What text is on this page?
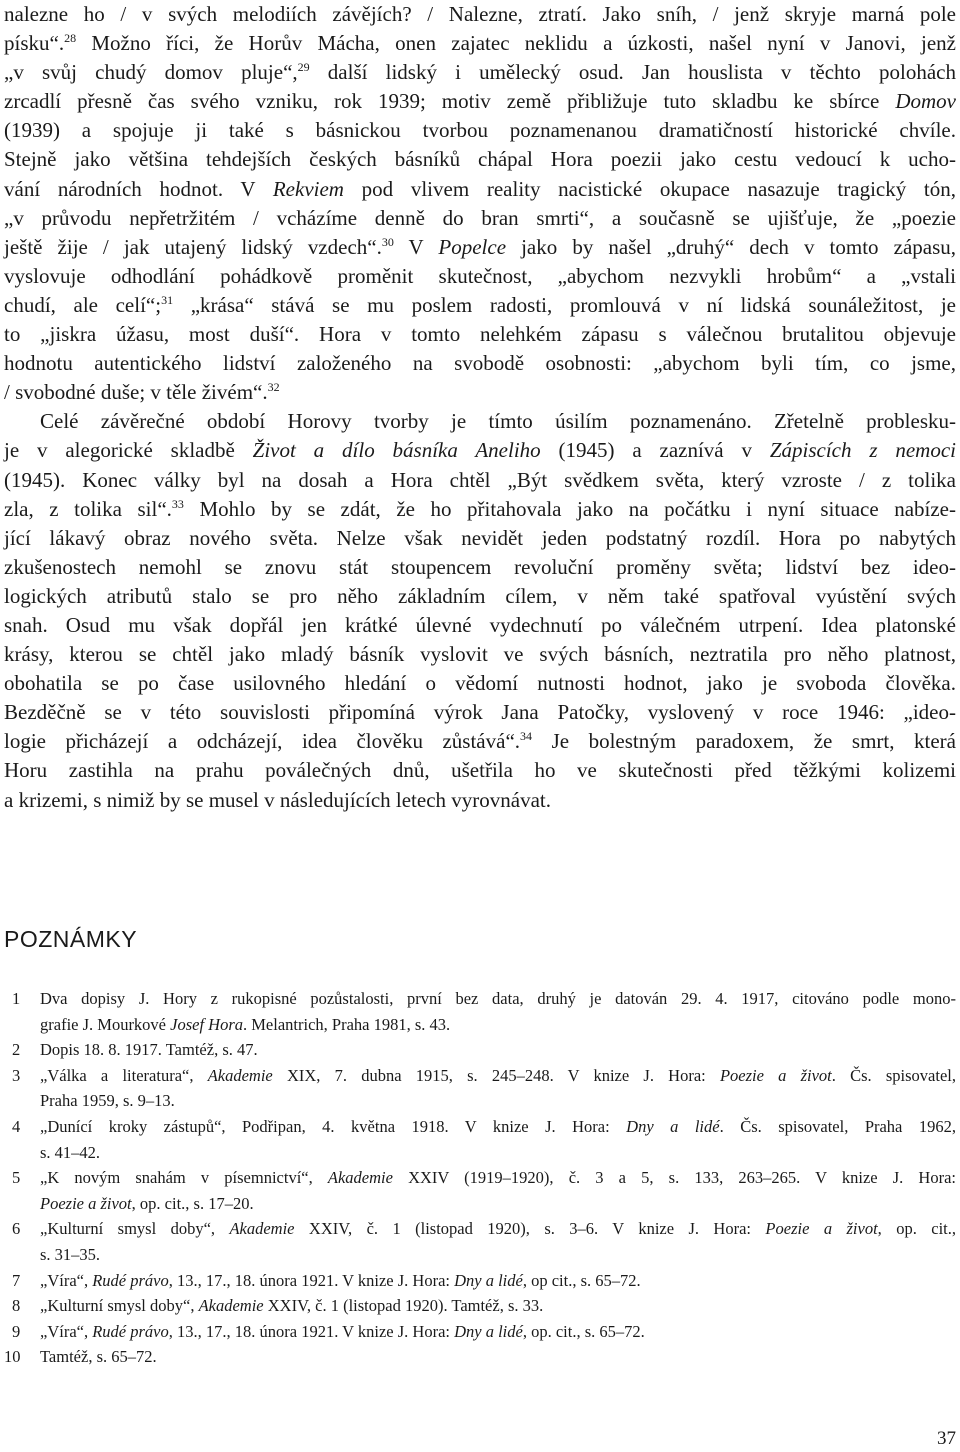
nalezne ho / v svých melodiích závějích? / Nalezne, ztratí. Jako sníh, / jenž skryje marná pole
písku“.$^{28}$ Možno říci, že Horův Mácha, onen zajatec neklidu a úzkosti, našel nyní v Janovi, jenž
„v svůj chudý domov pluje“,$^{29}$ další lidský i umělecký osud. Jan houslista v těchto polohách
zrcadlí přesně čas svého vzniku, rok 1939; motiv země přibližuje tuto skladbu ke sbírce Domov
(1939) a spojuje ji také s básnickou tvorbou poznamenanou dramatičností historické chvíle.
Stejně jako většina tehdejších českých básníků chápal Hora poezii jako cestu vedoucí k ucho-
vání národních hodnot. V Rekviem pod vlivem reality nacistické okupace nasazuje tragický tón,
„v průvodu nepřetržitém / vcházíme denně do bran smrti“, a současně se ujišťuje, že „poezie
ještě žije / jak utajený lidský vzdech“.$^{30}$ V Popelce jako by našel „druhý“ dech v tomto zápasu,
vyslovuje odhodlání pohádkově proměnit skutečnost, „abychom nezvykli hrobům“ a „vstali
chudí, ale celí“;$^{31}$ „krása“ stává se mu poslem radosti, promlouvá v ní lidská sounáležitost, je
to „jiskra úžasu, most duší“. Hora v tomto nelehkém zápasu s válečnou brutalitou objevuje
hodnotu autentického lidství založeného na svobodě osobnosti: „abychom byli tím, co jsme,
/ svobodné duše; v těle živém“.$^{32}$
Celé závěrečné období Horovy tvorby je tímto úsilím poznamenáno. Zřetelně problesku-
je v alegorické skladbě Život a dílo básníka Aneliho (1945) a zaznívá v Zápiscích z nemoci
(1945). Konec války byl na dosah a Hora chtěl „Být svědkem světa, který vzroste / z tolika
zla, z tolika sil“.$^{33}$ Mohlo by se zdát, že ho přitahovala jako na počátku i nyní situace nabíze-
jící lákavý obraz nového světa. Nelze však nevidět jeden podstatný rozdíl. Hora po nabytých
zkušenostech nemohl se znovu stát stoupencem revoluční proměny světa; lidství bez ideo-
logických atributů stalo se pro něho základním cílem, v něm také spatřoval vyústění svých
snah. Osud mu však dopřál jen krátké úlevné vydechnutí po válečném utrpení. Idea platonské
krásy, kterou se chtěl jako mladý básník vyslovit ve svých básních, neztratila pro něho platnost,
obohatila se po čase usilovného hledání o vědomí nutnosti hodnot, jako je svoboda člověka.
Bezděčně se v této souvislosti připomíná výrok Jana Patočky, vyslovený v roce 1946: „ideo-
logie přicházejí a odcházejí, idea člověku zůstává“.$^{34}$ Je bolestným paradoxem, že smrt, která
Horu zastihla na prahu poválečných dnů, ušetřila ho ve skutečnosti před těžkými kolizemi
a krizemi, s nimiž by se musel v následujících letech vyrovnávat.
POZNÁMKY
1 Dva dopisy J. Hory z rukopisné pozůstalosti, první bez data, druhý je datován 29. 4. 1917, citováno podle mono-
grafie J. Mourkové Josef Hora. Melantrich, Praha 1981, s. 43.
2 Dopis 18. 8. 1917. Tamtéž, s. 47.
3 „Válka a literatura“, Akademie XIX, 7. dubna 1915, s. 245–248. V knize J. Hora: Poezie a život. Čs. spisovatel,
Praha 1959, s. 9–13.
4 „Dunící kroky zástupů“, Podřipan, 4. května 1918. V knize J. Hora: Dny a lidé. Čs. spisovatel, Praha 1962,
s. 41–42.
5 „K novým snahám v písemnictví“, Akademie XXIV (1919–1920), č. 3 a 5, s. 133, 263–265. V knize J. Hora:
Poezie a život, op. cit., s. 17–20.
6 „Kulturní smysl doby“, Akademie XXIV, č. 1 (listopad 1920), s. 3–6. V knize J. Hora: Poezie a život, op. cit.,
s. 31–35.
7 „Víra“, Rudé právo, 13., 17., 18. února 1921. V knize J. Hora: Dny a lidé, op cit., s. 65–72.
8 „Kulturní smysl doby“, Akademie XXIV, č. 1 (listopad 1920). Tamtéž, s. 33.
9 „Víra“, Rudé právo, 13., 17., 18. února 1921. V knize J. Hora: Dny a lidé, op. cit., s. 65–72.
10 Tamtéž, s. 65–72.
37
